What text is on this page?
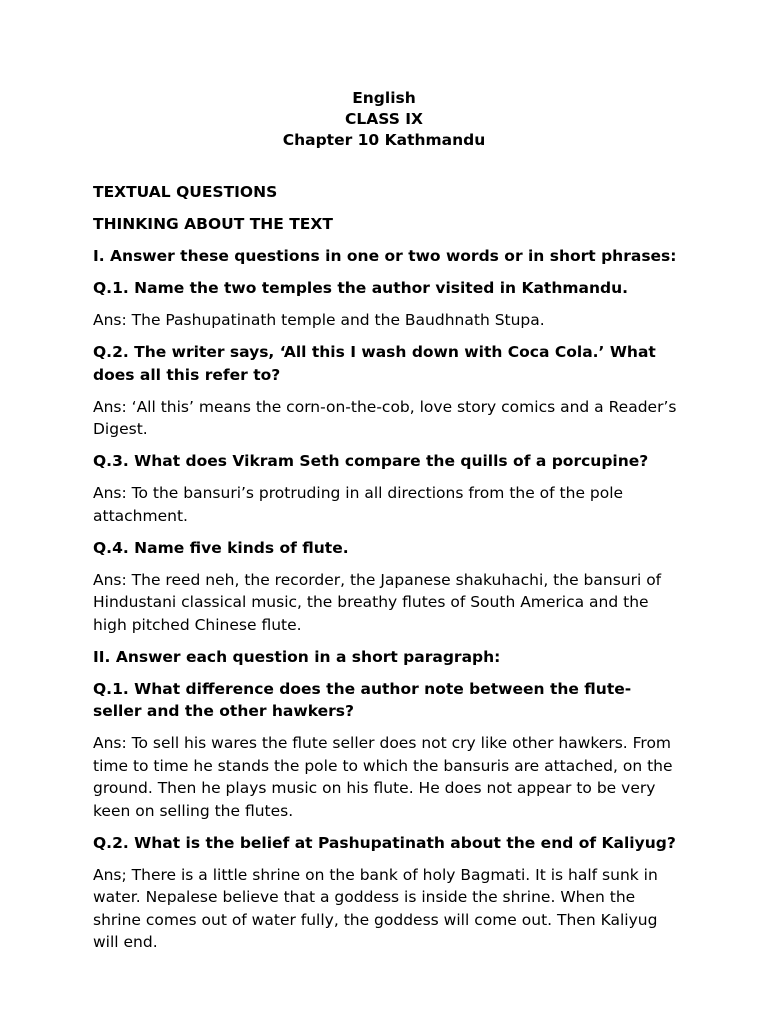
English
CLASS IX
Chapter 10 Kathmandu

TEXTUAL QUESTIONS

THINKING ABOUT THE TEXT

I. Answer these questions in one or two words or in short phrases:

Q.1. Name the two temples the author visited in Kathmandu.

Ans: The Pashupatinath temple and the Baudhnath Stupa.

Q.2. The writer says, ‘All this I wash down with Coca Cola.’ What does all this refer to?

Ans: ‘All this’ means the corn-on-the-cob, love story comics and a Reader’s Digest.

Q.3. What does Vikram Seth compare the quills of a porcupine?

Ans: To the bansuri’s protruding in all directions from the of the pole attachment.

Q.4. Name five kinds of flute.

Ans: The reed neh, the recorder, the Japanese shakuhachi, the bansuri of Hindustani classical music, the breathy flutes of South America and the high pitched Chinese flute.

II. Answer each question in a short paragraph:

Q.1. What difference does the author note between the flute-seller and the other hawkers?

Ans: To sell his wares the flute seller does not cry like other hawkers. From time to time he stands the pole to which the bansuris are attached, on the ground. Then he plays music on his flute. He does not appear to be very keen on selling the flutes.

Q.2. What is the belief at Pashupatinath about the end of Kaliyug?

Ans; There is a little shrine on the bank of holy Bagmati. It is half sunk in water. Nepalese believe that a goddess is inside the shrine. When the shrine comes out of water fully, the goddess will come out. Then Kaliyug will end.
